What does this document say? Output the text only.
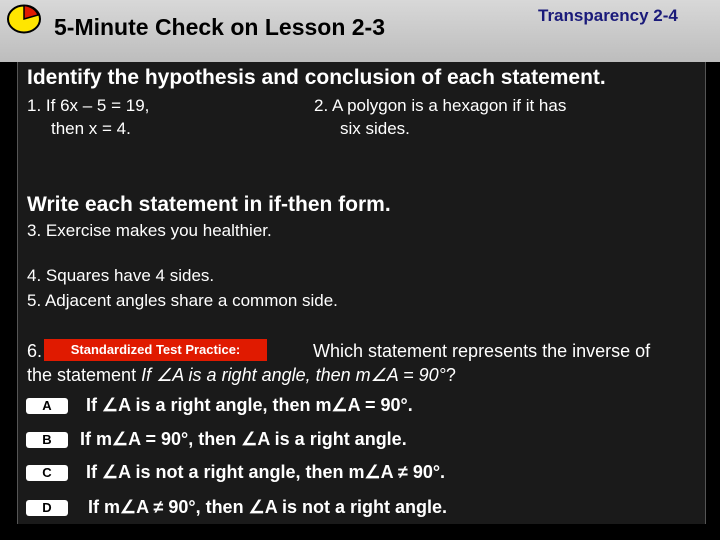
5-Minute Check on Lesson 2-3	Transparency 2-4
Identify the hypothesis and conclusion of each statement.
1. If 6x – 5 = 19,
then x = 4.
2. A polygon is a hexagon if it has
six sides.
Write each statement in if-then form.
3. Exercise makes you healthier.
4. Squares have 4 sides.
5. Adjacent angles share a common side.
6.	Standardized Test Practice:	Which statement represents the inverse of
the statement If ∠A is a right angle, then m∠A = 90°?
A	If ∠A is a right angle, then m∠A = 90°.
B	If m∠A = 90°, then ∠A is a right angle.
C	If ∠A is not a right angle, then m∠A ≠ 90°.
D	If m∠A ≠ 90°, then ∠A is not a right angle.
